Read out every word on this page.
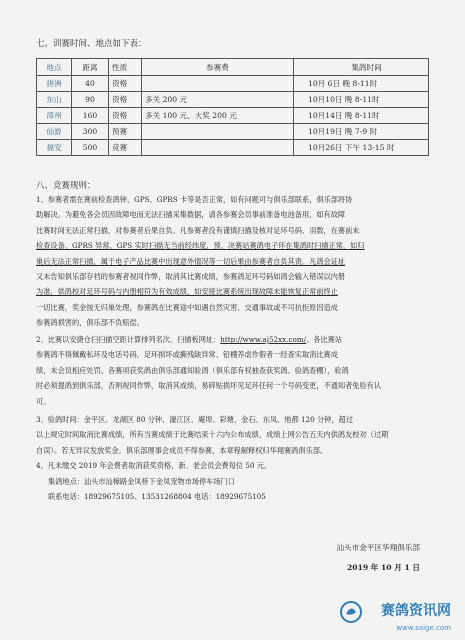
七、训赛时间、地点如下表：
地点	距离	性质	参赛费	集鸽时间
拼洲	40	资格		10月 6日 晚 8-11时
东山	90	资格	多关 200 元	10月10日 晚 8-11时
漳州	160	资格	多关 100 元、大奖 200 元	10月14日 晚 8-11时
仙游	300	预赛		10月19日 晚 7-9 时
福安	500	竞赛		10月26日 下午 13-15 时
八、竞赛规则：
1、参赛者需在赛前检查鸽钟、GPS、GPRS 卡等是否正常，如有问题可与俱乐部联系，俱乐部将协
助解决。为避免各会员因故障电而无法扫描采集数据，请各参赛会员事前准备电池备用，如有故障
比赛时间无法正常扫描，对参赛者后果自负。凡参赛者没有谨慎扫描及核对足环号码、羽数，在赛前未
检查设备、GPRS 异常、GPS 实时扫描无当前经纬度，预、决赛站赛鸽电子环在集鸽时扫描正常，如归
巢后无法正常扫描，属于电子产品比赛中出现意外情况等一切后果由参赛者自负其责。凡鸽会证址
又未告知俱乐部存档的参赛者视同作弊，取消其比赛成绩，参赛鸽足环号码如鸽会输入错误以内册
为准，供鸽校对足环号码与内册相符为有效成绩，如安接比赛系统出现故障未能恢复正常前终止
一切比赛，奖金按无归巢处理，参赛鸽在比赛途中如遇自然灾害、交通事故或不可抗拒原因造成
参赛鸽损害的，俱乐部不负赔偿。
2、比赛以安捷仓扫扫描空距计算排列名次。扫描板网址：http://www.aj52xx.com/。各比赛站
参赛鸽不得佩戴私环及电话号码，足环损坏或撕残缺异常、铅棚养虐作假者一经查实取消比赛成
绩，未会员相应处罚。各赛项获奖鸽由俱乐部通知验鸽（俱乐部有权抽查获奖鸽、验鸽查棚），验鸽
时必须提鸽到俱乐部，否则视同作弊，取消其成绩，易碎贴损坏见足环任何一个号码变更，不通知者免验有认
可。
3、验鸽时间：金平区、龙湖区 80 分钟、濠江区、庵埠、彩塘、金石、东凤、地都 120 分钟，超过
以上规定时间取消比赛成绩，所有当赛成绩于比赛结束十六内公布成绩，成绩上网公告五天内供鸽友校对（过期
自误）。若无异议发放奖金。俱乐部理事会成员不得参赛，本章程解释权归华翔赛鸽俱乐部。
4、凡未缴交 2019 年会费者取消获奖资格，新、老会员会费每位 50 元。
集鸽地点：汕头市汕樟路金凤桥下金凤宠物市场停车场门口
联系电话：18929675105、13531268804 电话：18929675105
汕头市金平区华翔俱乐部
2019 年 10 月 1 日
赛鸽资讯网
www.saige.com
